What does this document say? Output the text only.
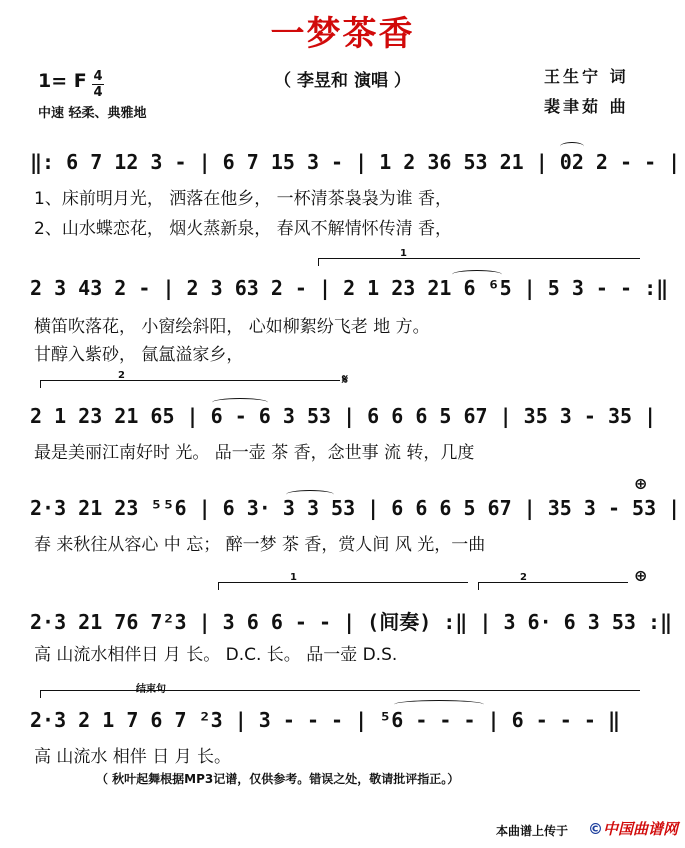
一梦茶香
（ 李昱和 演唱 ）
1= F 4
4
中速 轻柔、典雅地
王生宁 词
裴聿茹 曲
‖: 6 7 12 3 - | 6 7 15 3 - | 1 2 36 53 21 | 02 2 - - |
1、床前明月光， 洒落在他乡， 一杯清茶袅袅为谁 香，
2、山水蝶恋花， 烟火蒸新泉， 春风不解情怀传清 香，
1
2 3 43 2 - | 2 3 63 2 - | 2 1 23 21 6 ⁶5 | 5 3 - - :‖
横笛吹落花， 小窗绘斜阳， 心如柳絮纷飞老 地 方。
甘醇入紫砂， 氤氲溢家乡，
2	𝄋
2 1 23 21 65 | 6 - 6 3 53 | 6 6 6 5 67 | 35 3 - 35 |
最是美丽江南好时 光。 品一壶 茶 香，念世事 流 转，几度
⊕
2·3 21 23 ⁵⁵6 | 6 3· 3 3 53 | 6 6 6 5 67 | 35 3 - 53 |
春 来秋往从容心 中 忘； 醉一梦 茶 香，赏人间 风 光，一曲
1	2	⊕
2·3 21 76 7²3 | 3 6 6 - - | (间奏) :‖ | 3 6· 6 3 53 :‖
高 山流水相伴日 月 长。 D.C. 长。 品一壶 D.S.
结束句
2·3 2 1 7 6 7 ²3 | 3 - - - | ⁵6 - - - | 6 - - - ‖
高 山流水 相伴 日 月 长。
（ 秋叶起舞根据MP3记谱，仅供参考。错误之处，敬请批评指正。）
本曲谱上传于 ©中国曲谱网
